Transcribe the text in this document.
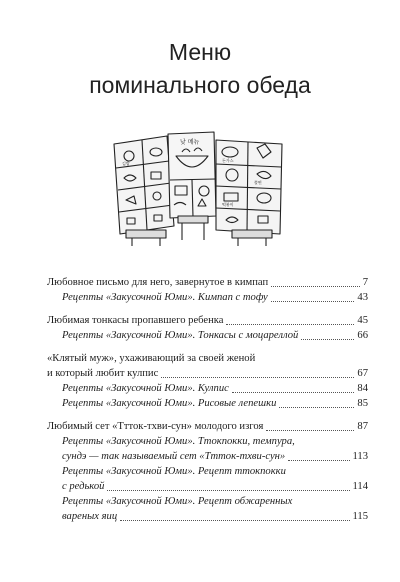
Меню
поминального обеда
낮 메뉴
김밥
돈가스
쫄면
떡볶이
Любовное письмо для него, завернутое в кимпап	7
Рецепты «Закусочной Юми». Кимпап с тофу	43
Любимая тонкасы пропавшего ребенка	45
Рецепты «Закусочной Юми». Тонкасы с моцареллой	66
«Клятый муж», ухаживающий за своей женой
и который любит кулпис	67
Рецепты «Закусочной Юми». Кулпис	84
Рецепты «Закусочной Юми». Рисовые лепешки	85
Любимый сет «Ттток-тхви-сун» молодого изгоя	87
Рецепты «Закусочной Юми». Ттокпокки, темпура,
сундэ — так называемый сет «Ттток-тхви-сун»	113
Рецепты «Закусочной Юми». Рецепт ттокпокки
с редькой	114
Рецепты «Закусочной Юми». Рецепт обжаренных
вареных яиц	115
